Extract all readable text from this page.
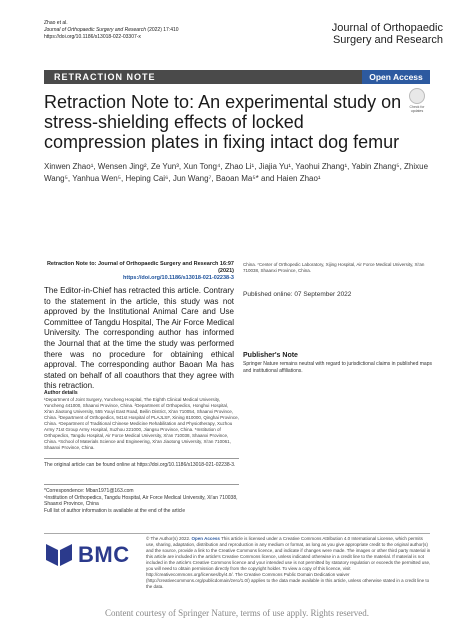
Zhao et al.
Journal of Orthopaedic Surgery and Research (2022) 17:410
https://doi.org/10.1186/s13018-022-03307-x
Journal of Orthopaedic Surgery and Research
RETRACTION NOTE	Open Access
Check for updates
Retraction Note to: An experimental study on stress-shielding effects of locked compression plates in fixing intact dog femur
Xinwen Zhao¹, Wensen Jing², Ze Yun³, Xun Tong⁴, Zhao Li¹, Jiajia Yu¹, Yaohui Zhang¹, Yabin Zhang⁵, Zhixue Wang⁵, Yanhua Wen⁵, Heping Cai⁶, Jun Wang⁷, Baoan Ma⁵* and Haien Zhao¹
Retraction Note to: Journal of Orthopaedic Surgery and Research 16:97 (2021)
https://doi.org/10.1186/s13018-021-02238-3
The Editor-in-Chief has retracted this article. Contrary to the statement in the article, this study was not approved by the Institutional Animal Care and Use Committee of Tangdu Hospital, The Air Force Medical University. The corresponding author has informed the Journal that at the time the study was performed there was no procedure for obtaining ethical approval. The corresponding author Baoan Ma has stated on behalf of all coauthors that they agree with this retraction.
Author details
¹Department of Joint Surgery, Yuncheng Hospital, The Eighth Clinical Medical University, Yuncheng 441000, Shaanxi Province, China. ²Department of Orthopedics, Honghui Hospital, Xi'an Jiaotong University, 555 Youyi East Road, Beilin District, Xi'an 710054, Shaanxi Province, China. ³Department of Orthopedics, 941st Hospital of PLAJLSF, Xining 810000, Qinghai Province, China. ⁴Department of Traditional Chinese Medicine Rehabilitation and Physiotherapy, Xuzhou Army 71st Group Army Hospital, Xuzhou 221000, Jiangsu Province, China. ⁵Institution of Orthopedics, Tangdu Hospital, Air Force Medical University, Xi'an 710038, Shaanxi Province, China. ⁶School of Materials Science and Engineering, Xi'an Jiaotong University, Xi'an 710061, Shaanxi Province, China.
China. ⁷Center of Orthopedic Laboratory, Xijing Hospital, Air Force Medical University, Xi'an 710038, Shaanxi Province, China.
Published online: 07 September 2022
Publisher's Note
Springer Nature remains neutral with regard to jurisdictional claims in published maps and institutional affiliations.
The original article can be found online at https://doi.org/10.1186/s13018-021-02238-3.
*Correspondence: Mban1971@163.com
⁵Institution of Orthopedics, Tangdu Hospital, Air Force Medical University, Xi'an 710038, Shaanxi Province, China
Full list of author information is available at the end of the article
BMC
© The Author(s) 2022. Open Access This article is licensed under a Creative Commons Attribution 4.0 International License, which permits use, sharing, adaptation, distribution and reproduction in any medium or format, as long as you give appropriate credit to the original author(s) and the source, provide a link to the Creative Commons licence, and indicate if changes were made. The images or other third party material in this article are included in the article's Creative Commons licence, unless indicated otherwise in a credit line to the material. If material is not included in the article's Creative Commons licence and your intended use is not permitted by statutory regulation or exceeds the permitted use, you will need to obtain permission directly from the copyright holder. To view a copy of this licence, visit http://creativecommons.org/licenses/by/4.0/. The Creative Commons Public Domain Dedication waiver (http://creativecommons.org/publicdomain/zero/1.0/) applies to the data made available in this article, unless otherwise stated in a credit line to the data.
Content courtesy of Springer Nature, terms of use apply. Rights reserved.
